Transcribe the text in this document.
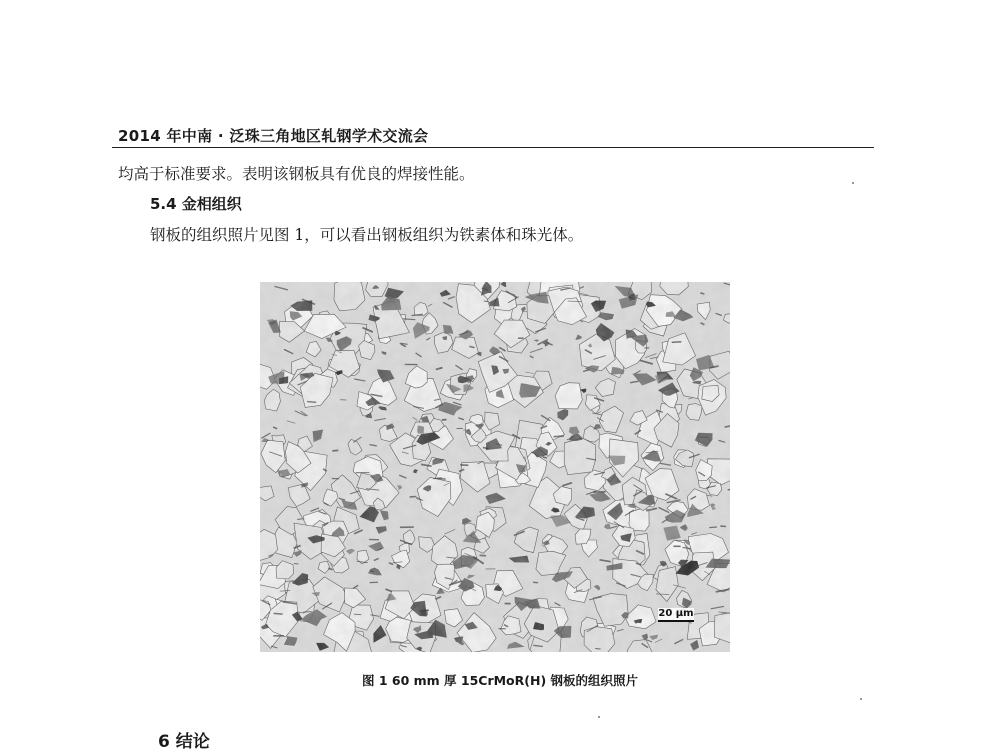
2014 年中南 · 泛珠三角地区轧钢学术交流会
均高于标准要求。表明该钢板具有优良的焊接性能。
5.4 金相组织
钢板的组织照片见图 1，可以看出钢板组织为铁素体和珠光体。
20 µm
图 1 60 mm 厚 15CrMoR(H) 钢板的组织照片
6 结论
